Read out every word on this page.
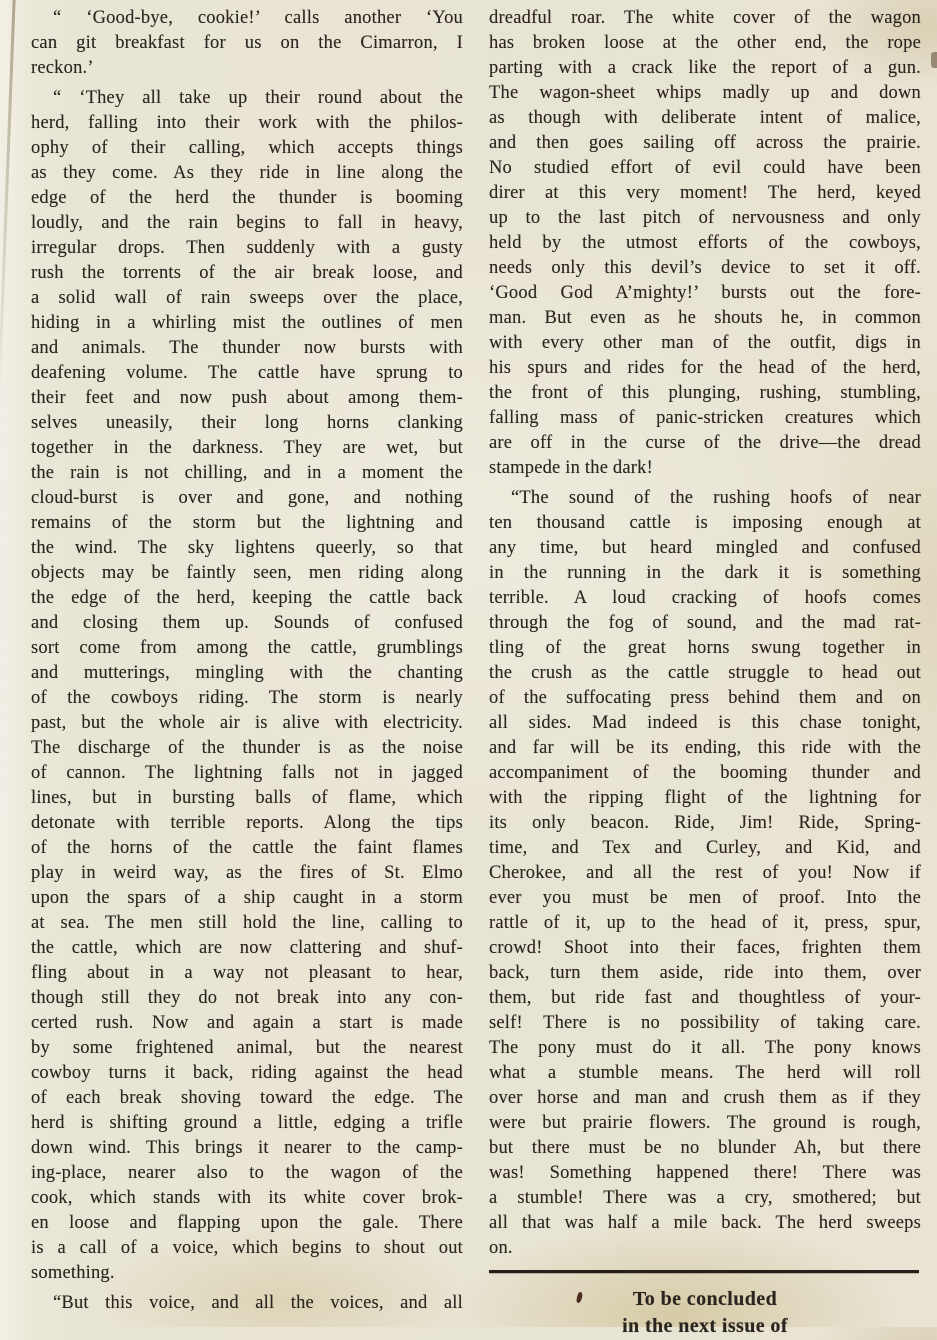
“ ‘Good-bye, cookie!’ calls another ‘You
can git breakfast for us on the Cimarron, I
reckon.’
“ ‘They all take up their round about the
herd, falling into their work with the philos-
ophy of their calling, which accepts things
as they come. As they ride in line along the
edge of the herd the thunder is booming
loudly, and the rain begins to fall in heavy,
irregular drops. Then suddenly with a gusty
rush the torrents of the air break loose, and
a solid wall of rain sweeps over the place,
hiding in a whirling mist the outlines of men
and animals. The thunder now bursts with
deafening volume. The cattle have sprung to
their feet and now push about among them-
selves uneasily, their long horns clanking
together in the darkness. They are wet, but
the rain is not chilling, and in a moment the
cloud-burst is over and gone, and nothing
remains of the storm but the lightning and
the wind. The sky lightens queerly, so that
objects may be faintly seen, men riding along
the edge of the herd, keeping the cattle back
and closing them up. Sounds of confused
sort come from among the cattle, grumblings
and mutterings, mingling with the chanting
of the cowboys riding. The storm is nearly
past, but the whole air is alive with electricity.
The discharge of the thunder is as the noise
of cannon. The lightning falls not in jagged
lines, but in bursting balls of flame, which
detonate with terrible reports. Along the tips
of the horns of the cattle the faint flames
play in weird way, as the fires of St. Elmo
upon the spars of a ship caught in a storm
at sea. The men still hold the line, calling to
the cattle, which are now clattering and shuf-
fling about in a way not pleasant to hear,
though still they do not break into any con-
certed rush. Now and again a start is made
by some frightened animal, but the nearest
cowboy turns it back, riding against the head
of each break shoving toward the edge. The
herd is shifting ground a little, edging a trifle
down wind. This brings it nearer to the camp-
ing-place, nearer also to the wagon of the
cook, which stands with its white cover brok-
en loose and flapping upon the gale. There
is a call of a voice, which begins to shout out
something.
“But this voice, and all the voices, and all
dreadful roar. The white cover of the wagon
has broken loose at the other end, the rope
parting with a crack like the report of a gun.
The wagon-sheet whips madly up and down
as though with deliberate intent of malice,
and then goes sailing off across the prairie.
No studied effort of evil could have been
direr at this very moment! The herd, keyed
up to the last pitch of nervousness and only
held by the utmost efforts of the cowboys,
needs only this devil’s device to set it off.
‘Good God A’mighty!’ bursts out the fore-
man. But even as he shouts he, in common
with every other man of the outfit, digs in
his spurs and rides for the head of the herd,
the front of this plunging, rushing, stumbling,
falling mass of panic-stricken creatures which
are off in the curse of the drive—the dread
stampede in the dark!
“The sound of the rushing hoofs of near
ten thousand cattle is imposing enough at
any time, but heard mingled and confused
in the running in the dark it is something
terrible. A loud cracking of hoofs comes
through the fog of sound, and the mad rat-
tling of the great horns swung together in
the crush as the cattle struggle to head out
of the suffocating press behind them and on
all sides. Mad indeed is this chase tonight,
and far will be its ending, this ride with the
accompaniment of the booming thunder and
with the ripping flight of the lightning for
its only beacon. Ride, Jim! Ride, Spring-
time, and Tex and Curley, and Kid, and
Cherokee, and all the rest of you! Now if
ever you must be men of proof. Into the
rattle of it, up to the head of it, press, spur,
crowd! Shoot into their faces, frighten them
back, turn them aside, ride into them, over
them, but ride fast and thoughtless of your-
self! There is no possibility of taking care.
The pony must do it all. The pony knows
what a stumble means. The herd will roll
over horse and man and crush them as if they
were but prairie flowers. The ground is rough,
but there must be no blunder Ah, but there
was! Something happened there! There was
a stumble! There was a cry, smothered; but
all that was half a mile back. The herd sweeps
on.
To be concluded
in the next issue of
